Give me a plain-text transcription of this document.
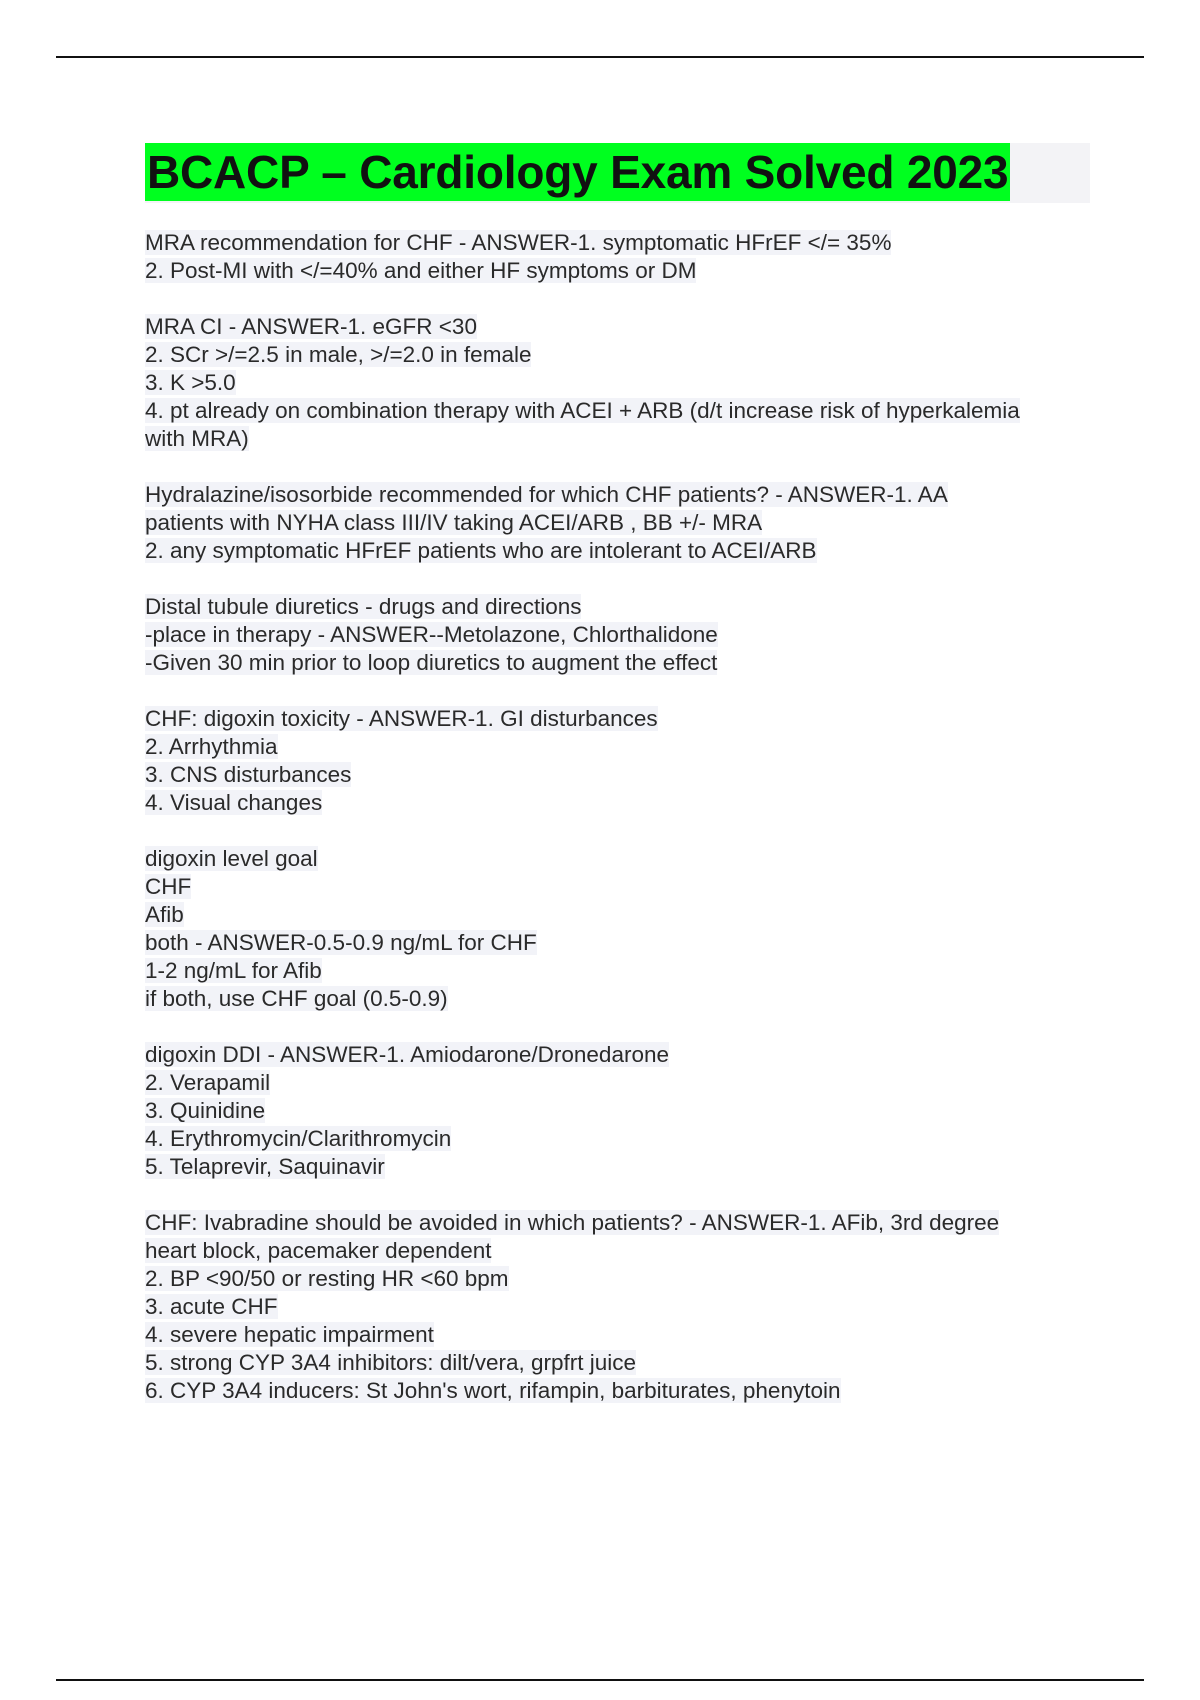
BCACP – Cardiology Exam Solved 2023
MRA recommendation for CHF - ANSWER-1. symptomatic HFrEF </= 35%
2. Post-MI with </=40% and either HF symptoms or DM
MRA CI - ANSWER-1. eGFR <30
2. SCr >/=2.5 in male, >/=2.0 in female
3. K >5.0
4. pt already on combination therapy with ACEI + ARB (d/t increase risk of hyperkalemia
with MRA)
Hydralazine/isosorbide recommended for which CHF patients? - ANSWER-1. AA
patients with NYHA class III/IV taking ACEI/ARB , BB +/- MRA
2. any symptomatic HFrEF patients who are intolerant to ACEI/ARB
Distal tubule diuretics - drugs and directions
-place in therapy - ANSWER--Metolazone, Chlorthalidone
-Given 30 min prior to loop diuretics to augment the effect
CHF: digoxin toxicity - ANSWER-1. GI disturbances
2. Arrhythmia
3. CNS disturbances
4. Visual changes
digoxin level goal
CHF
Afib
both - ANSWER-0.5-0.9 ng/mL for CHF
1-2 ng/mL for Afib
if both, use CHF goal (0.5-0.9)
digoxin DDI - ANSWER-1. Amiodarone/Dronedarone
2. Verapamil
3. Quinidine
4. Erythromycin/Clarithromycin
5. Telaprevir, Saquinavir
CHF: Ivabradine should be avoided in which patients? - ANSWER-1. AFib, 3rd degree
heart block, pacemaker dependent
2. BP <90/50 or resting HR <60 bpm
3. acute CHF
4. severe hepatic impairment
5. strong CYP 3A4 inhibitors: dilt/vera, grpfrt juice
6. CYP 3A4 inducers: St John's wort, rifampin, barbiturates, phenytoin
